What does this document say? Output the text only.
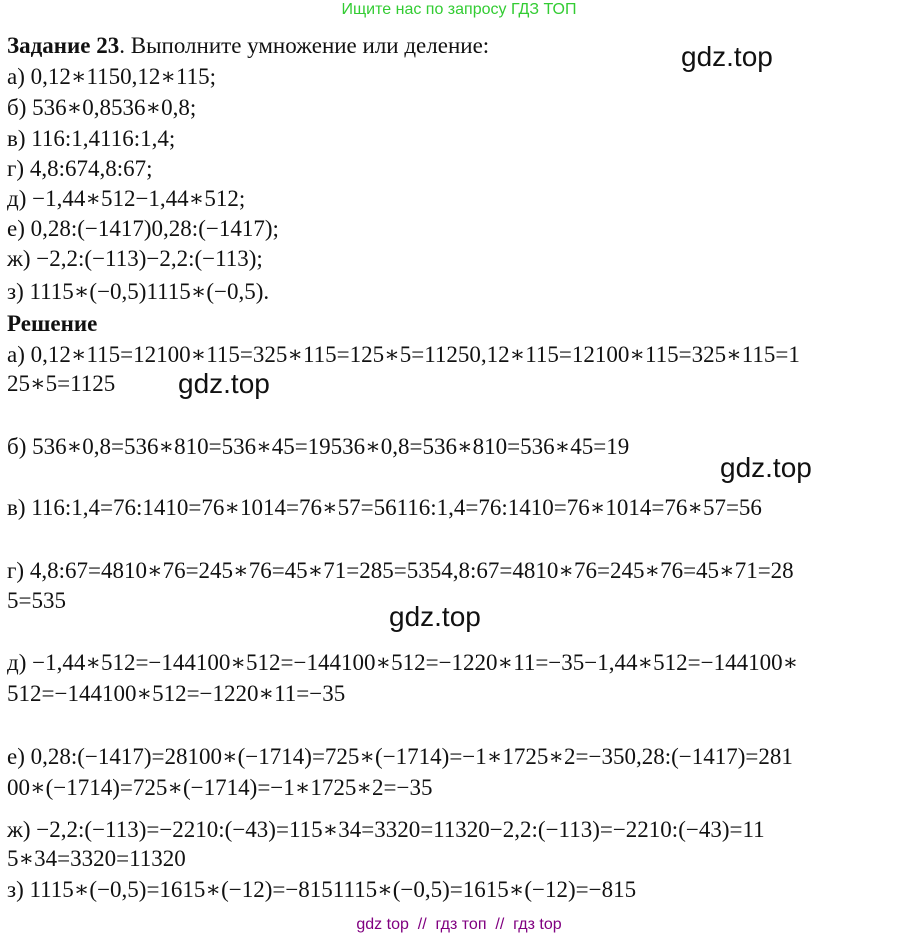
Ищите нас по запросу ГДЗ ТОП
Задание 23. Выполните умножение или деление:
а) 0,12∗1150,12∗115;
б) 536∗0,8536∗0,8;
в) 116:1,4116:1,4;
г) 4,8:674,8:67;
д) −1,44∗512−1,44∗512;
е) 0,28:(−1417)0,28:(−1417);
ж) −2,2:(−113)−2,2:(−113);
з) 1115∗(−0,5)1115∗(−0,5).
Решение
а) 0,12∗115=12100∗115=325∗115=125∗5=11250,12∗115=12100∗115=325∗115=1
25∗5=1125
б) 536∗0,8=536∗810=536∗45=19536∗0,8=536∗810=536∗45=19
в) 116:1,4=76:1410=76∗1014=76∗57=56116:1,4=76:1410=76∗1014=76∗57=56
г) 4,8:67=4810∗76=245∗76=45∗71=285=5354,8:67=4810∗76=245∗76=45∗71=28
5=535
д) −1,44∗512=−144100∗512=−144100∗512=−1220∗11=−35−1,44∗512=−144100∗
512=−144100∗512=−1220∗11=−35
е) 0,28:(−1417)=28100∗(−1714)=725∗(−1714)=−1∗1725∗2=−350,28:(−1417)=281
00∗(−1714)=725∗(−1714)=−1∗1725∗2=−35
ж) −2,2:(−113)=−2210:(−43)=115∗34=3320=11320−2,2:(−113)=−2210:(−43)=11
5∗34=3320=11320
з) 1115∗(−0,5)=1615∗(−12)=−8151115∗(−0,5)=1615∗(−12)=−815
gdz.top
gdz.top
gdz.top
gdz.top
gdz top  //  гдз топ  //  гдз top
